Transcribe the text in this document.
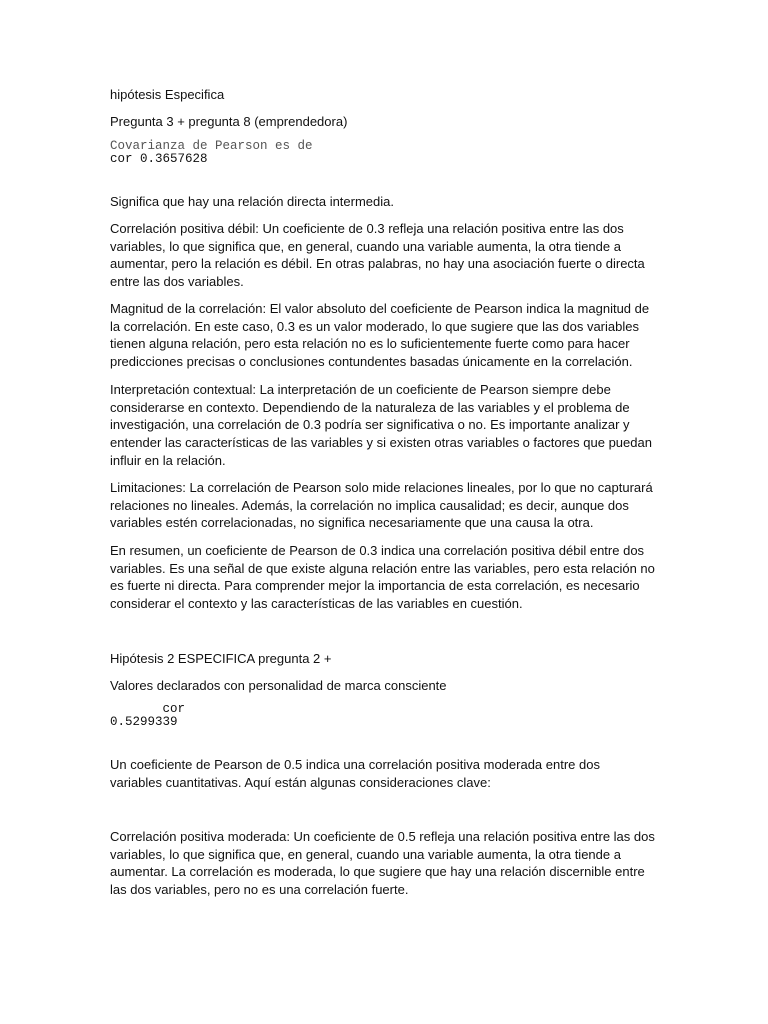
hipótesis Especifica
Pregunta 3 + pregunta 8 (emprendedora)
Covarianza de Pearson es de
cor 0.3657628
Significa que hay una relación directa intermedia.
Correlación positiva débil: Un coeficiente de 0.3 refleja una relación positiva entre las dos variables, lo que significa que, en general, cuando una variable aumenta, la otra tiende a aumentar, pero la relación es débil. En otras palabras, no hay una asociación fuerte o directa entre las dos variables.
Magnitud de la correlación: El valor absoluto del coeficiente de Pearson indica la magnitud de la correlación. En este caso, 0.3 es un valor moderado, lo que sugiere que las dos variables tienen alguna relación, pero esta relación no es lo suficientemente fuerte como para hacer predicciones precisas o conclusiones contundentes basadas únicamente en la correlación.
Interpretación contextual: La interpretación de un coeficiente de Pearson siempre debe considerarse en contexto. Dependiendo de la naturaleza de las variables y el problema de investigación, una correlación de 0.3 podría ser significativa o no. Es importante analizar y entender las características de las variables y si existen otras variables o factores que puedan influir en la relación.
Limitaciones: La correlación de Pearson solo mide relaciones lineales, por lo que no capturará relaciones no lineales. Además, la correlación no implica causalidad; es decir, aunque dos variables estén correlacionadas, no significa necesariamente que una causa la otra.
En resumen, un coeficiente de Pearson de 0.3 indica una correlación positiva débil entre dos variables. Es una señal de que existe alguna relación entre las variables, pero esta relación no es fuerte ni directa. Para comprender mejor la importancia de esta correlación, es necesario considerar el contexto y las características de las variables en cuestión.
Hipótesis 2 ESPECIFICA pregunta 2 +
Valores declarados con personalidad de marca consciente
cor
0.5299339
Un coeficiente de Pearson de 0.5 indica una correlación positiva moderada entre dos variables cuantitativas. Aquí están algunas consideraciones clave:
Correlación positiva moderada: Un coeficiente de 0.5 refleja una relación positiva entre las dos variables, lo que significa que, en general, cuando una variable aumenta, la otra tiende a aumentar. La correlación es moderada, lo que sugiere que hay una relación discernible entre las dos variables, pero no es una correlación fuerte.
